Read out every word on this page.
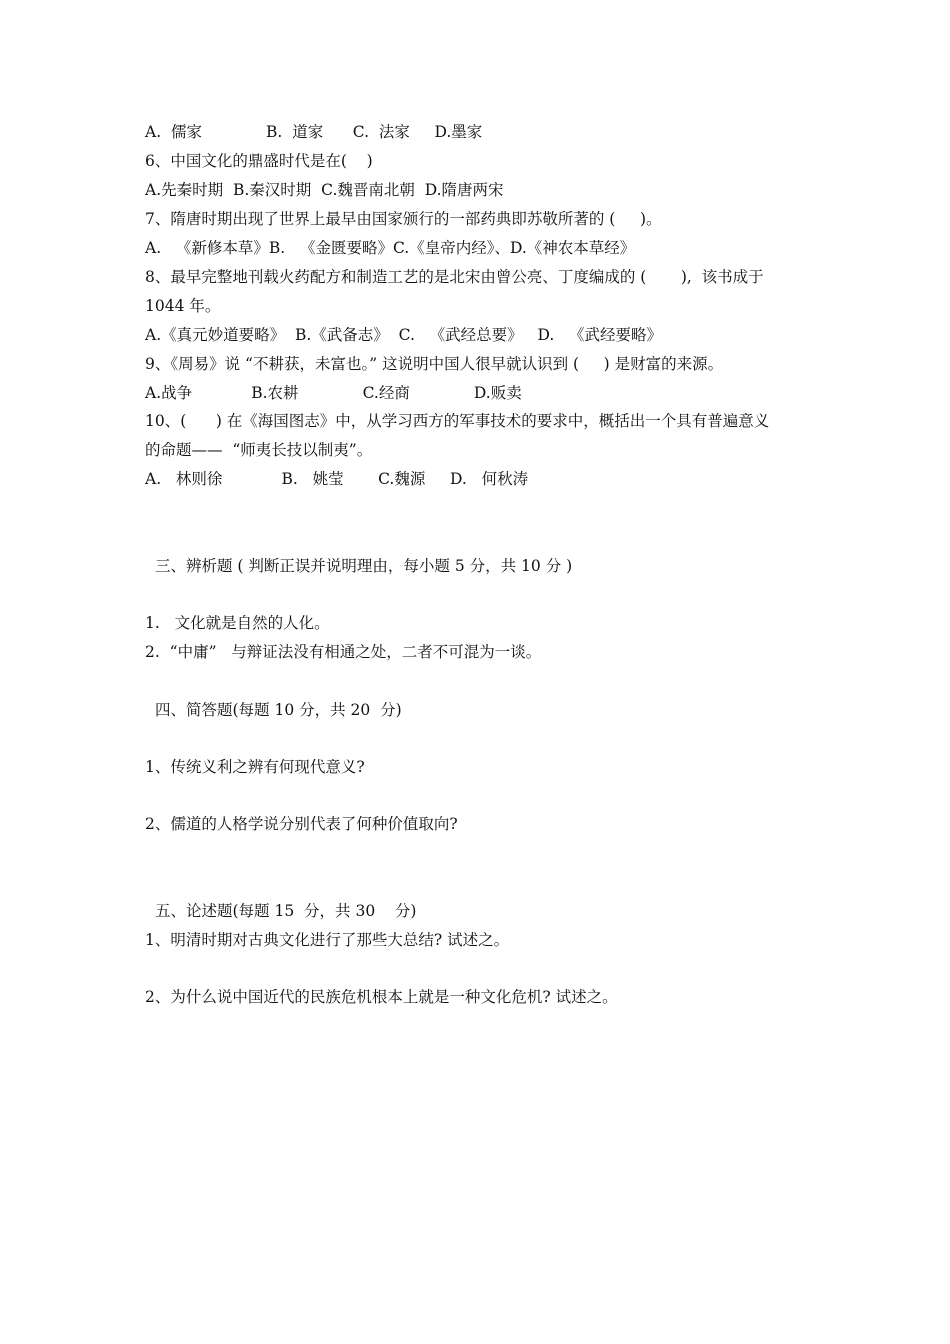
A.  儒家             B.  道家      C.  法家     D.墨家
6、中国文化的鼎盛时代是在(    )
A.先秦时期  B.秦汉时期  C.魏晋南北朝  D.隋唐两宋
7、隋唐时期出现了世界上最早由国家颁行的一部药典即苏敬所著的 (     )。
A.   《新修本草》B.   《金匮要略》C.《皇帝内经》、D.《神农本草经》
8、最早完整地刊载火药配方和制造工艺的是北宋由曾公亮、丁度编成的 (       ),  该书成于
1044 年。
A.《真元妙道要略》  B.《武备志》  C.   《武经总要》   D.   《武经要略》
9、《周易》说 “不耕获，未富也。” 这说明中国人很早就认识到 (     ) 是财富的来源。
A.战争            B.农耕             C.经商             D.贩卖
10、(      ) 在《海国图志》中，从学习西方的军事技术的要求中，概括出一个具有普遍意义
的命题——  “师夷长技以制夷”。
A.   林则徐            B.   姚莹       C.魏源     D.   何秋涛
三、辨析题 ( 判断正误并说明理由，每小题 5 分，共 10 分 )
1.   文化就是自然的人化。
2.  “中庸”   与辩证法没有相通之处，二者不可混为一谈。
四、简答题(每题 10 分，共 20  分)
1、传统义利之辨有何现代意义?
2、儒道的人格学说分别代表了何种价值取向?
五、论述题(每题 15  分，共 30    分)
1、明清时期对古典文化进行了那些大总结? 试述之。
2、为什么说中国近代的民族危机根本上就是一种文化危机? 试述之。
